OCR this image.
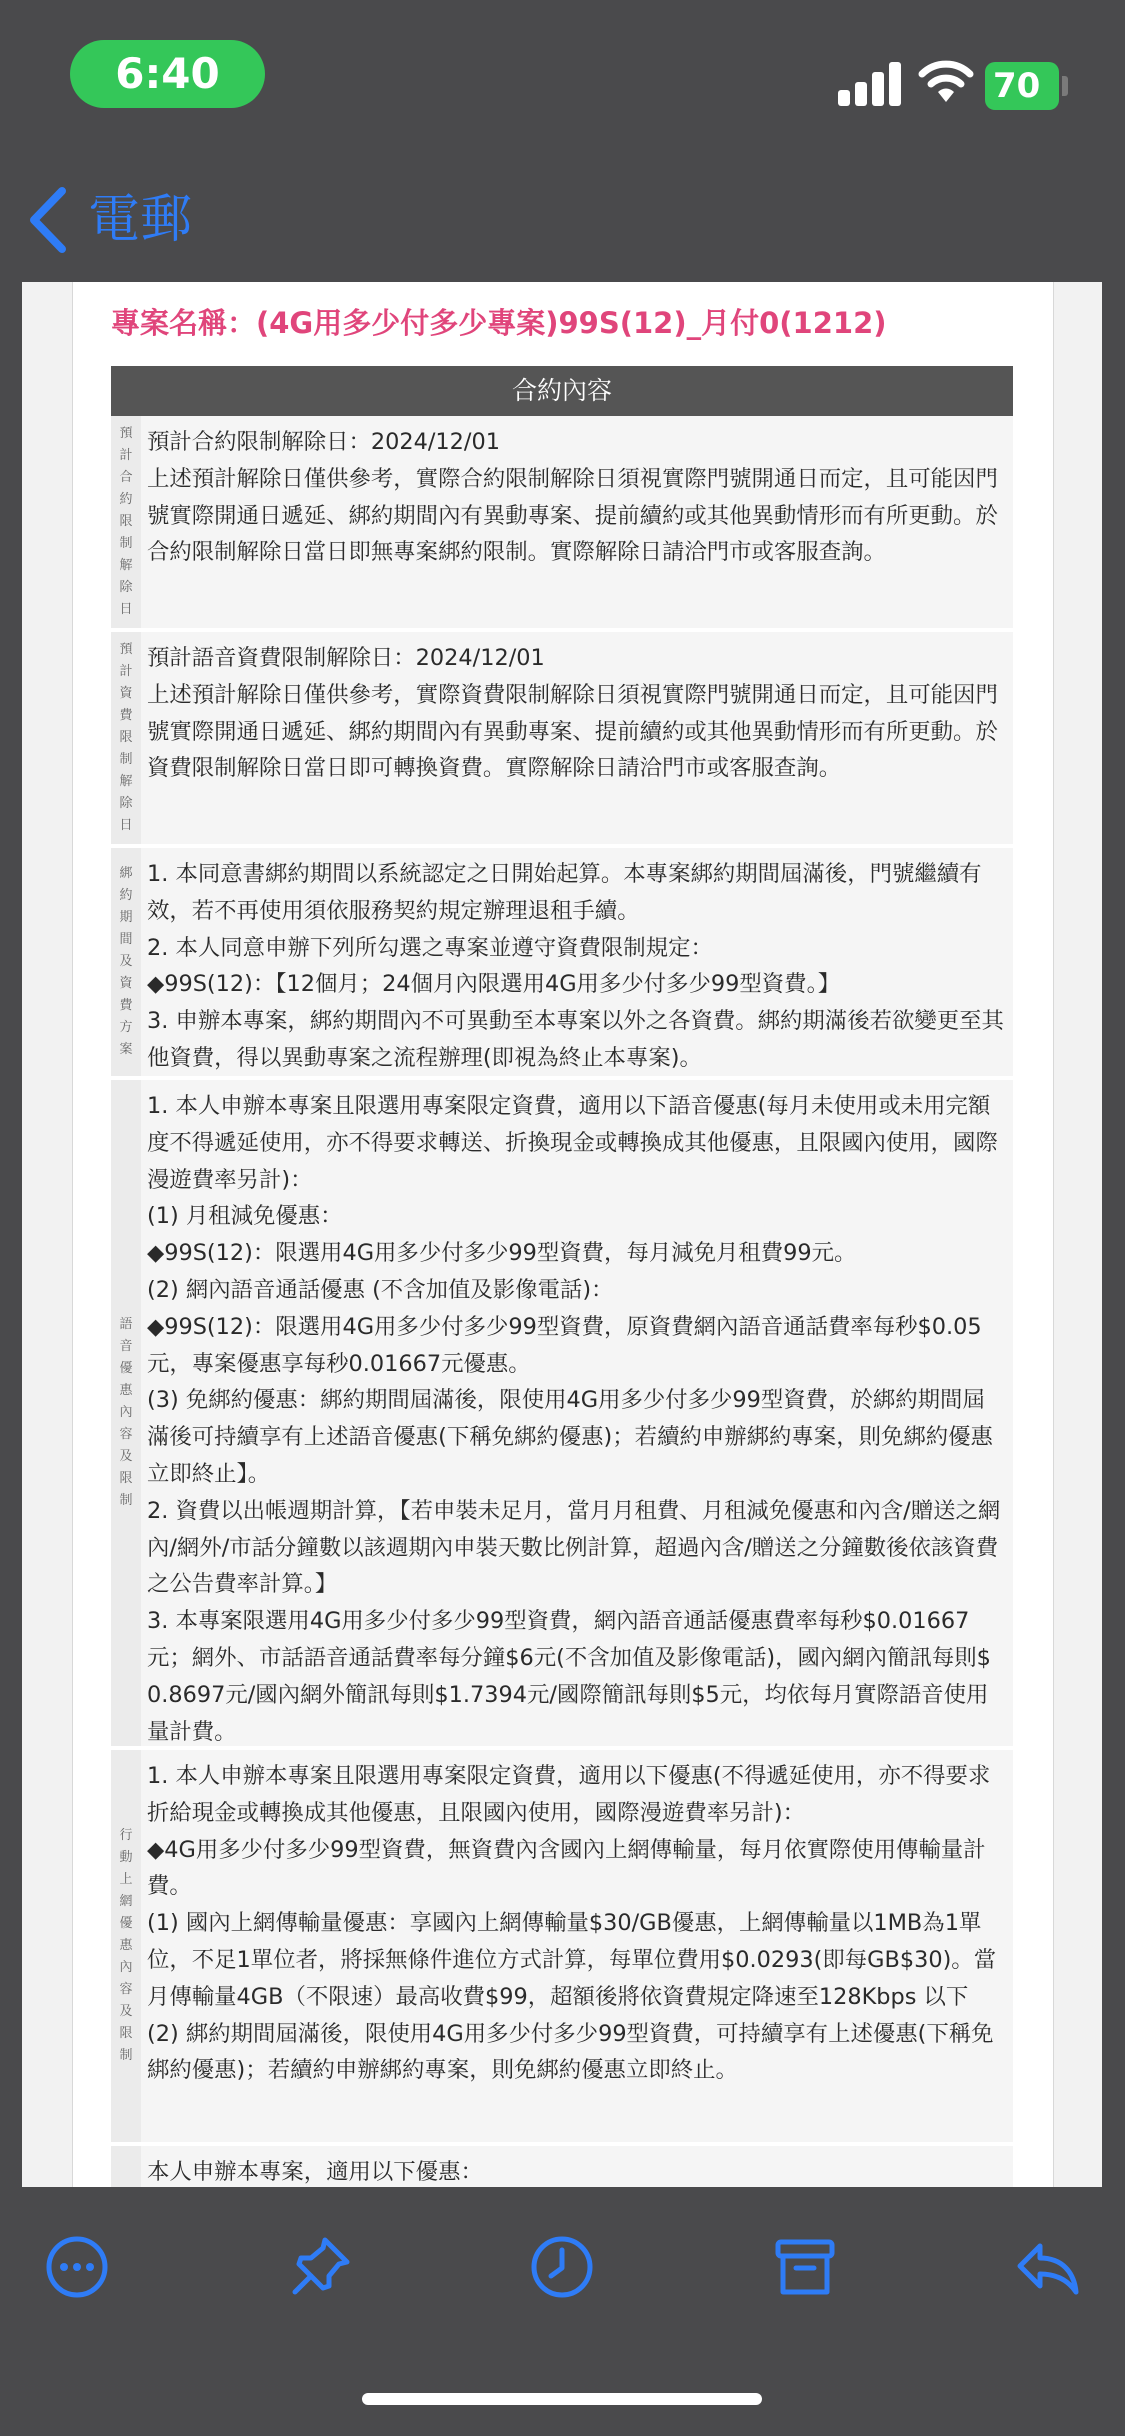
6:40	70
電郵
專案名稱：(4G用多少付多少專案)99S(12)_月付0(1212)
合約內容
預計合約限制解除日
預計合約限制解除日：2024/12/01
上述預計解除日僅供參考，實際合約限制解除日須視實際門號開通日而定，且可能因門號實際開通日遞延、綁約期間內有異動專案、提前續約或其他異動情形而有所更動。於合約限制解除日當日即無專案綁約限制。實際解除日請洽門市或客服查詢。
預計資費限制解除日
預計語音資費限制解除日：2024/12/01
上述預計解除日僅供參考，實際資費限制解除日須視實際門號開通日而定，且可能因門號實際開通日遞延、綁約期間內有異動專案、提前續約或其他異動情形而有所更動。於資費限制解除日當日即可轉換資費。實際解除日請洽門市或客服查詢。
綁約期間及資費方案
1. 本同意書綁約期間以系統認定之日開始起算。本專案綁約期間屆滿後，門號繼續有效，若不再使用須依服務契約規定辦理退租手續。
2. 本人同意申辦下列所勾選之專案並遵守資費限制規定：
◆99S(12)：【12個月；24個月內限選用4G用多少付多少99型資費。】
3. 申辦本專案，綁約期間內不可異動至本專案以外之各資費。綁約期滿後若欲變更至其他資費，得以異動專案之流程辦理(即視為終止本專案)。
語音優惠內容及限制
1. 本人申辦本專案且限選用專案限定資費，適用以下語音優惠(每月未使用或未用完額度不得遞延使用，亦不得要求轉送、折換現金或轉換成其他優惠，且限國內使用，國際漫遊費率另計)：
(1) 月租減免優惠：
◆99S(12)：限選用4G用多少付多少99型資費，每月減免月租費99元。
(2) 網內語音通話優惠 (不含加值及影像電話)：
◆99S(12)：限選用4G用多少付多少99型資費，原資費網內語音通話費率每秒$0.05元，專案優惠享每秒0.01667元優惠。
(3) 免綁約優惠：綁約期間屆滿後，限使用4G用多少付多少99型資費，於綁約期間屆滿後可持續享有上述語音優惠(下稱免綁約優惠)；若續約申辦綁約專案，則免綁約優惠立即終止】。
2. 資費以出帳週期計算，【若申裝未足月，當月月租費、月租減免優惠和內含/贈送之網內/網外/市話分鐘數以該週期內申裝天數比例計算，超過內含/贈送之分鐘數後依該資費之公告費率計算。】
3. 本專案限選用4G用多少付多少99型資費，網內語音通話優惠費率每秒$0.01667元；網外、市話語音通話費率每分鐘$6元(不含加值及影像電話)，國內網內簡訊每則$ 0.8697元/國內網外簡訊每則$1.7394元/國際簡訊每則$5元，均依每月實際語音使用量計費。
行動上網優惠內容及限制
1. 本人申辦本專案且限選用專案限定資費，適用以下優惠(不得遞延使用，亦不得要求折給現金或轉換成其他優惠，且限國內使用，國際漫遊費率另計)：
◆4G用多少付多少99型資費，無資費內含國內上網傳輸量，每月依實際使用傳輸量計費。
(1) 國內上網傳輸量優惠：享國內上網傳輸量$30/GB優惠，上網傳輸量以1MB為1單位，不足1單位者，將採無條件進位方式計算，每單位費用$0.0293(即每GB$30)。當月傳輸量4GB（不限速）最高收費$99，超額後將依資費規定降速至128Kbps 以下
(2) 綁約期間屆滿後，限使用4G用多少付多少99型資費，可持續享有上述優惠(下稱免綁約優惠)；若續約申辦綁約專案，則免綁約優惠立即終止。
本人申辦本專案，適用以下優惠：
